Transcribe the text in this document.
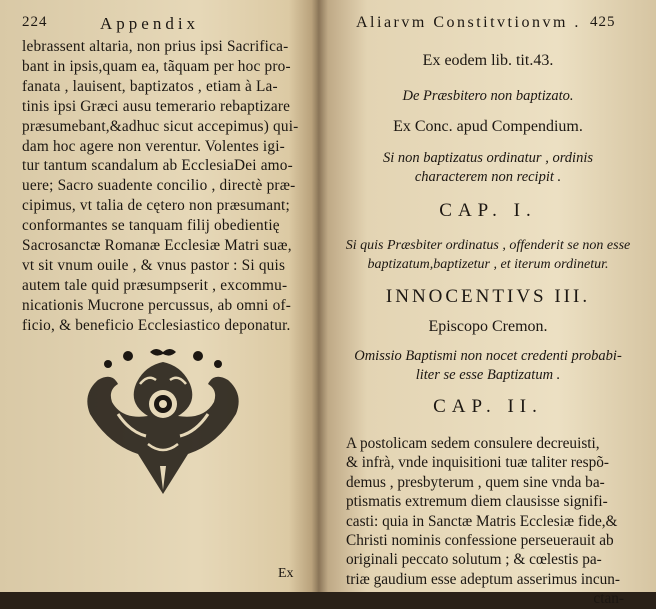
224	Appendix
lebrassent altaria, non prius ipsi Sacrifica-
bant in ipsis,quam ea, tãquam per hoc pro-
fanata , lauisent, baptizatos , etiam à La-
tinis ipsi Græci ausu temerario rebaptizare
præsumebant,&adhuc sicut accepimus) qui-
dam hoc agere non verentur. Volentes igi-
tur tantum scandalum ab EcclesiaDei amo-
uere; Sacro suadente concilio , directè præ-
cipimus, vt talia de cętero non præsumant;
conformantes se tanquam filij obedientię
Sacrosanctæ Romanæ Ecclesiæ Matri suæ,
vt sit vnum ouile , & vnus pastor : Si quis
autem tale quid præsumpserit , excommu-
nicationis Mucrone percussus, ab omni of-
ficio, & beneficio Ecclesiastico deponatur.
Ex
Aliarvm Constitvtionvm . 425
Ex eodem lib. tit.43.
De Præsbitero non baptizato.
Ex Conc. apud Compendium.
Si non baptizatus ordinatur , ordinis
characterem non recipit .
CAP. I.
Si quis Præsbiter ordinatus , offenderit se non esse
baptizatum,baptizetur , et iterum ordinetur.
INNOCENTIVS III.
Episcopo Cremon.
Omissio Baptismi non nocet credenti probabi-
liter se esse Baptizatum .
CAP. II.
A postolicam sedem consulere decreuisti,
& infrà, vnde inquisitioni tuæ taliter respõ-
demus , presbyterum , quem sine vnda ba-
ptismatis extremum diem clausisse signifi-
casti: quia in Sanctæ Matris Ecclesiæ fide,&
Christi nominis confessione perseuerauit ab
originali peccato solutum ; & cœlestis pa-
triæ gaudium esse adeptum asserimus incun-
ctan-
